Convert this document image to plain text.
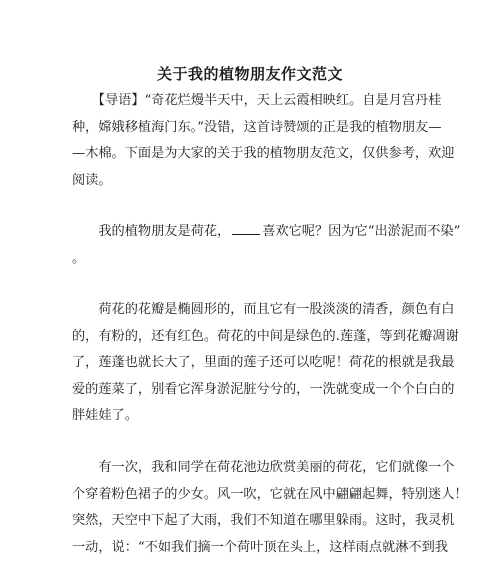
关于我的植物朋友作文范文
　　【导语】“奇花烂熳半天中，天上云霞相映红。自是月宫丹桂
种，嫦娥移植海门东。”没错，这首诗赞颂的正是我的植物朋友—
—木棉。下面是为大家的关于我的植物朋友范文，仅供参考，欢迎
阅读。
　　我的植物朋友是荷花， 喜欢它呢？因为它“出淤泥而不染”
。
　　荷花的花瓣是椭圆形的，而且它有一股淡淡的清香，颜色有白
的，有粉的，还有红色。荷花的中间是绿色的.莲蓬，等到花瓣凋谢
了，莲蓬也就长大了，里面的莲子还可以吃呢！荷花的根就是我最
爱的莲菜了，别看它浑身淤泥脏兮兮的，一洗就变成一个个白白的
胖娃娃了。
　　有一次，我和同学在荷花池边欣赏美丽的荷花，它们就像一个
个穿着粉色裙子的少女。风一吹，它就在风中翩翩起舞，特别迷人！
突然，天空中下起了大雨，我们不知道在哪里躲雨。这时，我灵机
一动，说：“不如我们摘一个荷叶顶在头上，这样雨点就淋不到我
